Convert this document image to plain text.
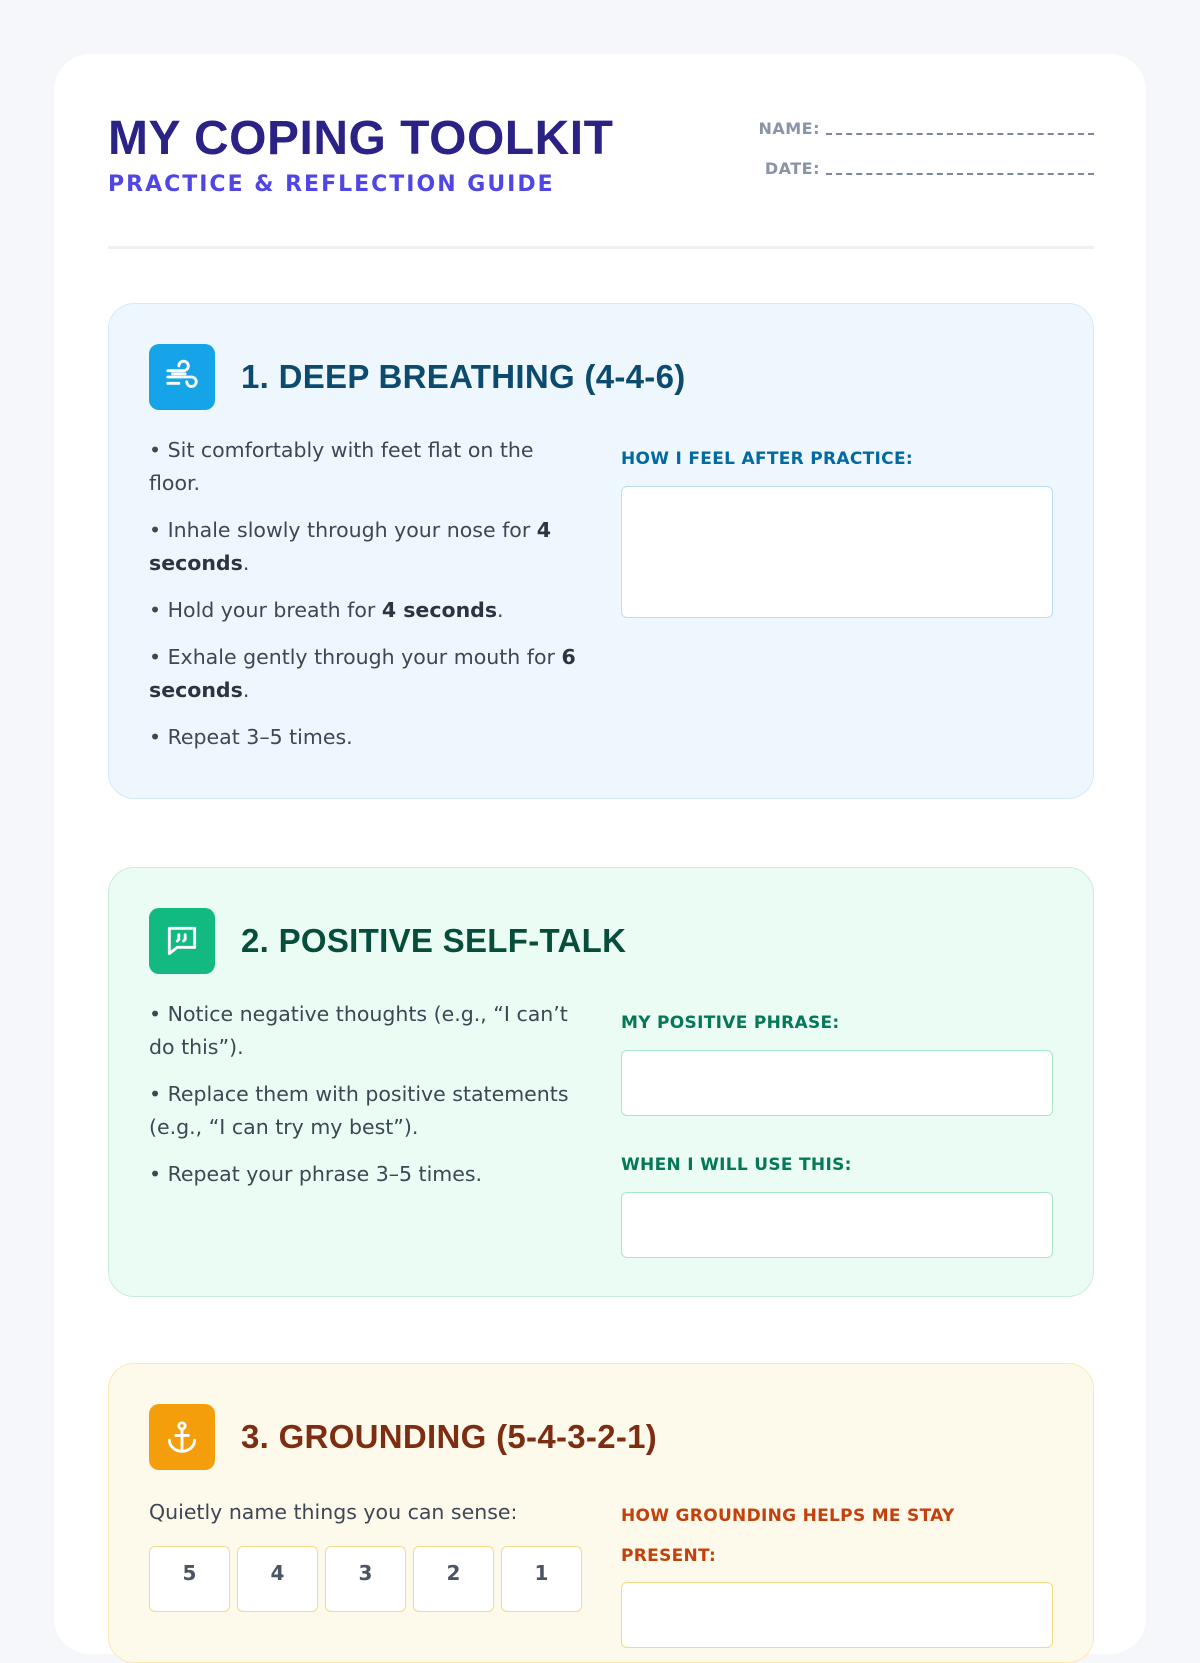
MY COPING TOOLKIT
PRACTICE & REFLECTION GUIDE
NAME:
DATE:
1. DEEP BREATHING (4-4-6)
• Sit comfortably with feet flat on the floor.
• Inhale slowly through your nose for 4 seconds.
• Hold your breath for 4 seconds.
• Exhale gently through your mouth for 6 seconds.
• Repeat 3–5 times.
HOW I FEEL AFTER PRACTICE:
2. POSITIVE SELF-TALK
• Notice negative thoughts (e.g., “I can’t do this”).
• Replace them with positive statements (e.g., “I can try my best”).
• Repeat your phrase 3–5 times.
MY POSITIVE PHRASE:
WHEN I WILL USE THIS:
3. GROUNDING (5-4-3-2-1)
Quietly name things you can sense:
5	4	3	2	1
HOW GROUNDING HELPS ME STAY PRESENT:
